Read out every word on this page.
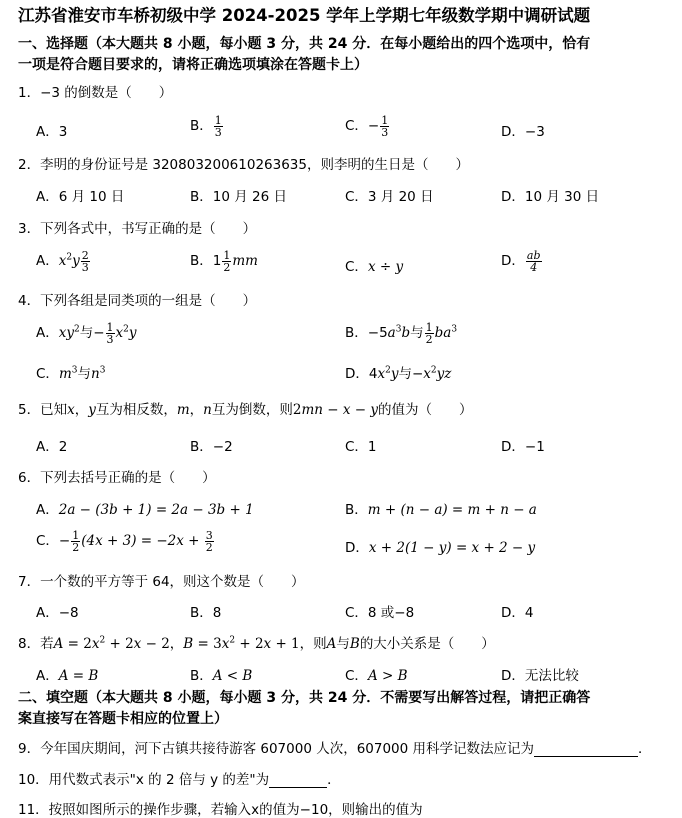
江苏省淮安市车桥初级中学 2024-2025 学年上学期七年级数学期中调研试题
一、选择题（本大题共 8 小题，每小题 3 分，共 24 分．在每小题给出的四个选项中，恰有
一项是符合题目要求的，请将正确选项填涂在答题卡上）
1．−3 的倒数是（　　）
A．3	B． $\frac{1}{3}$	C．− $\frac{1}{3}$	D．−3
2．李明的身份证号是 320803200610263635，则李明的生日是（　　）
A．6 月 10 日	B．10 月 26 日	C．3 月 20 日	D．10 月 30 日
3．下列各式中，书写正确的是（　　）
A．$x^2y \frac{2}{3}$	B．$1 \frac{1}{2}$ mm	C．x ÷ y	D． $\frac{ab}{4}$
4．下列各组是同类项的一组是（　　）
A．$xy^2$与− $\frac{1}{3} x^2y$	B．$-5a^3b$与 $\frac{1}{2} ba^3$
C．$m^3$与$n^3$	D．$4x^2y$与$-x^2yz$
5．已知x，y互为相反数，m，n互为倒数，则2mn − x − y的值为（　　）
A．2	B．−2	C．1	D．−1
6．下列去括号正确的是（　　）
A．2a − (3b + 1) = 2a − 3b + 1	B．m + (n − a) = m + n − a
C．− $\frac{1}{2} (4x + 3) = -2x + \frac{3}{2}$	D．x + 2(1 − y) = x + 2 − y
7．一个数的平方等于 64，则这个数是（　　）
A．−8	B．8	C．8 或−8	D．4
8．若$A = 2x^2 + 2x - 2$，$B = 3x^2 + 2x + 1$，则A与B的大小关系是（　　）
A．A = B	B．A < B	C．A > B	D．无法比较
二、填空题（本大题共 8 小题，每小题 3 分，共 24 分．不需要写出解答过程，请把正确答
案直接写在答题卡相应的位置上）
9．今年国庆期间，河下古镇共接待游客 607000 人次，607000 用科学记数法应记为	．
10．用代数式表示"x 的 2 倍与 y 的差"为	．
11．按照如图所示的操作步骤，若输入x的值为−10，则输出的值为
